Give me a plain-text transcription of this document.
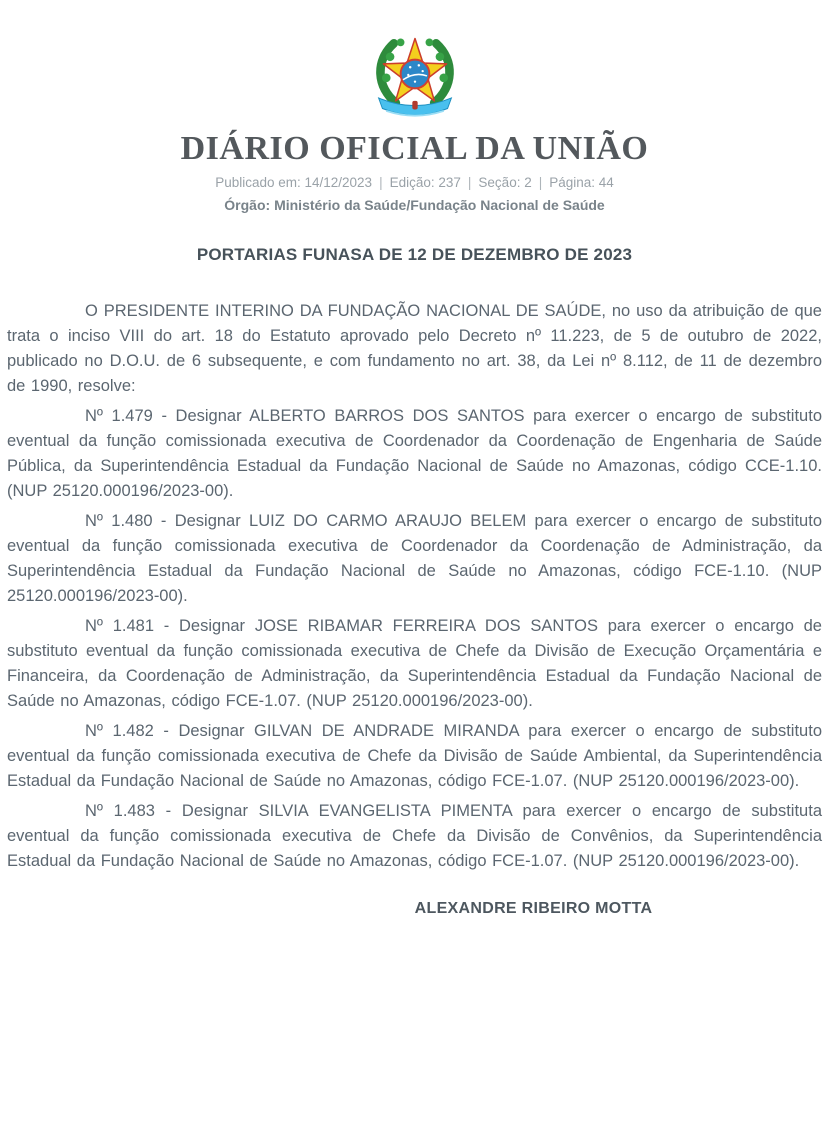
DIÁRIO OFICIAL DA UNIÃO
Publicado em: 14/12/2023 | Edição: 237 | Seção: 2 | Página: 44
Órgão: Ministério da Saúde/Fundação Nacional de Saúde
PORTARIAS FUNASA DE 12 DE DEZEMBRO DE 2023

O PRESIDENTE INTERINO DA FUNDAÇÃO NACIONAL DE SAÚDE, no uso da atribuição de que trata o inciso VIII do art. 18 do Estatuto aprovado pelo Decreto nº 11.223, de 5 de outubro de 2022, publicado no D.O.U. de 6 subsequente, e com fundamento no art. 38, da Lei nº 8.112, de 11 de dezembro de 1990, resolve:

Nº 1.479 - Designar ALBERTO BARROS DOS SANTOS para exercer o encargo de substituto eventual da função comissionada executiva de Coordenador da Coordenação de Engenharia de Saúde Pública, da Superintendência Estadual da Fundação Nacional de Saúde no Amazonas, código CCE-1.10. (NUP 25120.000196/2023-00).

Nº 1.480 - Designar LUIZ DO CARMO ARAUJO BELEM para exercer o encargo de substituto eventual da função comissionada executiva de Coordenador da Coordenação de Administração, da Superintendência Estadual da Fundação Nacional de Saúde no Amazonas, código FCE-1.10. (NUP 25120.000196/2023-00).

Nº 1.481 - Designar JOSE RIBAMAR FERREIRA DOS SANTOS para exercer o encargo de substituto eventual da função comissionada executiva de Chefe da Divisão de Execução Orçamentária e Financeira, da Coordenação de Administração, da Superintendência Estadual da Fundação Nacional de Saúde no Amazonas, código FCE-1.07. (NUP 25120.000196/2023-00).

Nº 1.482 - Designar GILVAN DE ANDRADE MIRANDA para exercer o encargo de substituto eventual da função comissionada executiva de Chefe da Divisão de Saúde Ambiental, da Superintendência Estadual da Fundação Nacional de Saúde no Amazonas, código FCE-1.07. (NUP 25120.000196/2023-00).

Nº 1.483 - Designar SILVIA EVANGELISTA PIMENTA para exercer o encargo de substituta eventual da função comissionada executiva de Chefe da Divisão de Convênios, da Superintendência Estadual da Fundação Nacional de Saúde no Amazonas, código FCE-1.07. (NUP 25120.000196/2023-00).

ALEXANDRE RIBEIRO MOTTA
